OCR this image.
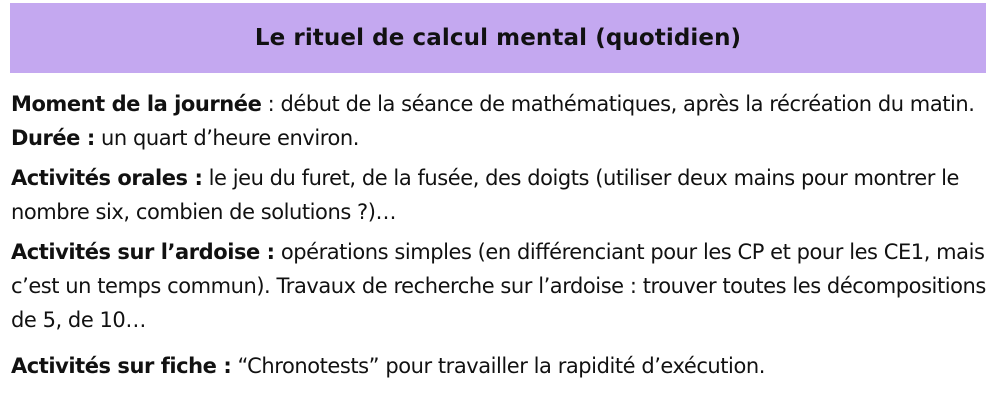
Le rituel de calcul mental (quotidien)

Moment de la journée : début de la séance de mathématiques, après la récréation du matin. Durée : un quart d’heure environ.

Activités orales : le jeu du furet, de la fusée, des doigts (utiliser deux mains pour montrer le nombre six, combien de solutions ?)…

Activités sur l’ardoise : opérations simples (en différenciant pour les CP et pour les CE1, mais c’est un temps commun). Travaux de recherche sur l’ardoise : trouver toutes les décompositions de 5, de 10…

Activités sur fiche : “Chronotests” pour travailler la rapidité d’exécution.
